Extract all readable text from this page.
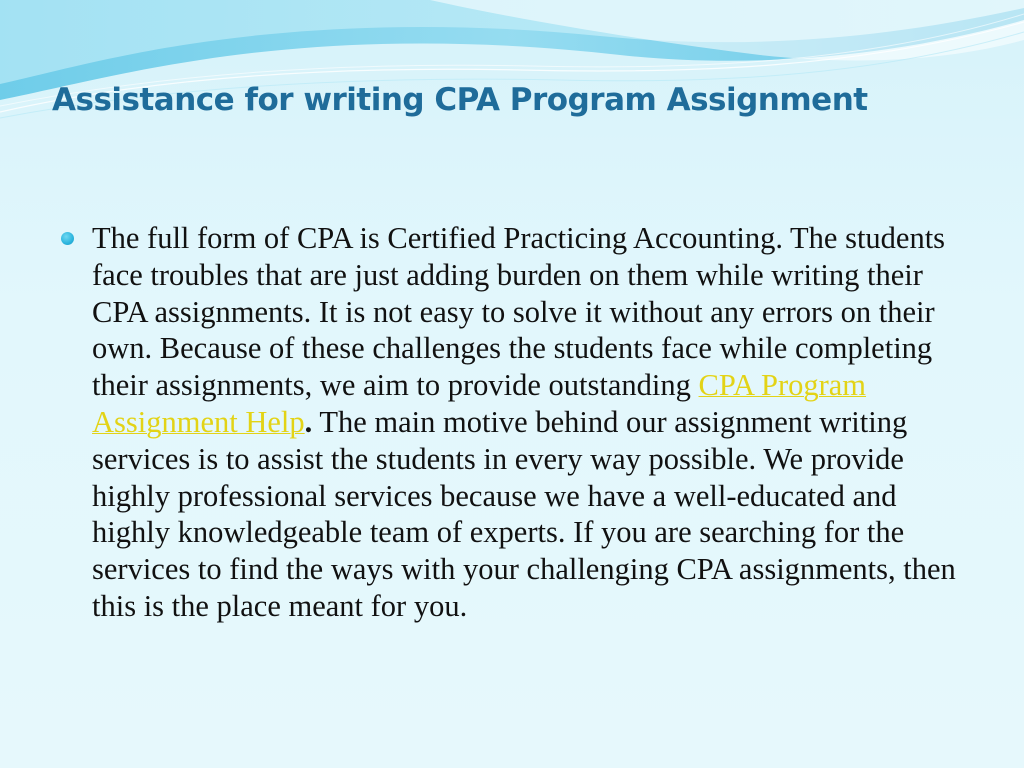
Assistance for writing CPA Program Assignment
The full form of CPA is Certified Practicing Accounting. The students face troubles that are just adding burden on them while writing their CPA assignments. It is not easy to solve it without any errors on their own. Because of these challenges the students face while completing their assignments, we aim to provide outstanding CPA Program Assignment Help. The main motive behind our assignment writing services is to assist the students in every way possible. We provide highly professional services because we have a well-educated and highly knowledgeable team of experts. If you are searching for the services to find the ways with your challenging CPA assignments, then this is the place meant for you.
